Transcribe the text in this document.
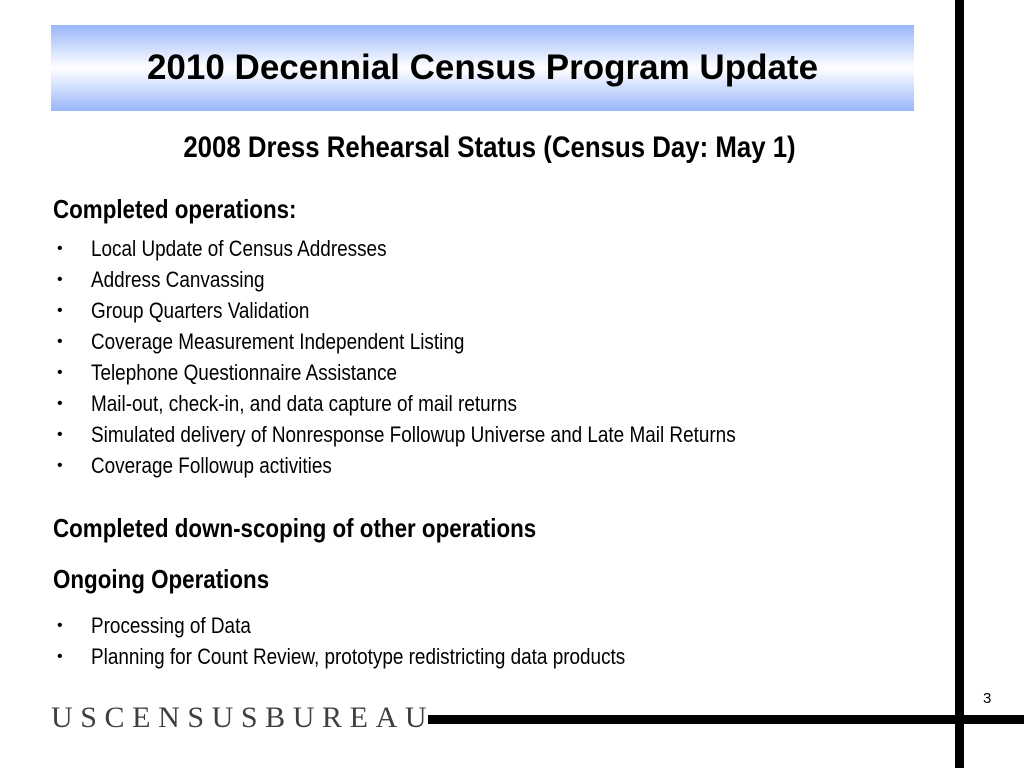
2010 Decennial Census Program Update
2008 Dress Rehearsal Status (Census Day: May 1)
Completed operations:
• Local Update of Census Addresses
• Address Canvassing
• Group Quarters Validation
• Coverage Measurement Independent Listing
• Telephone Questionnaire Assistance
• Mail-out, check-in, and data capture of mail returns
• Simulated delivery of Nonresponse Followup Universe and Late Mail Returns
• Coverage Followup activities
Completed down-scoping of other operations
Ongoing Operations
• Processing of Data
• Planning for Count Review, prototype redistricting data products
3
USCENSUSBUREAU
